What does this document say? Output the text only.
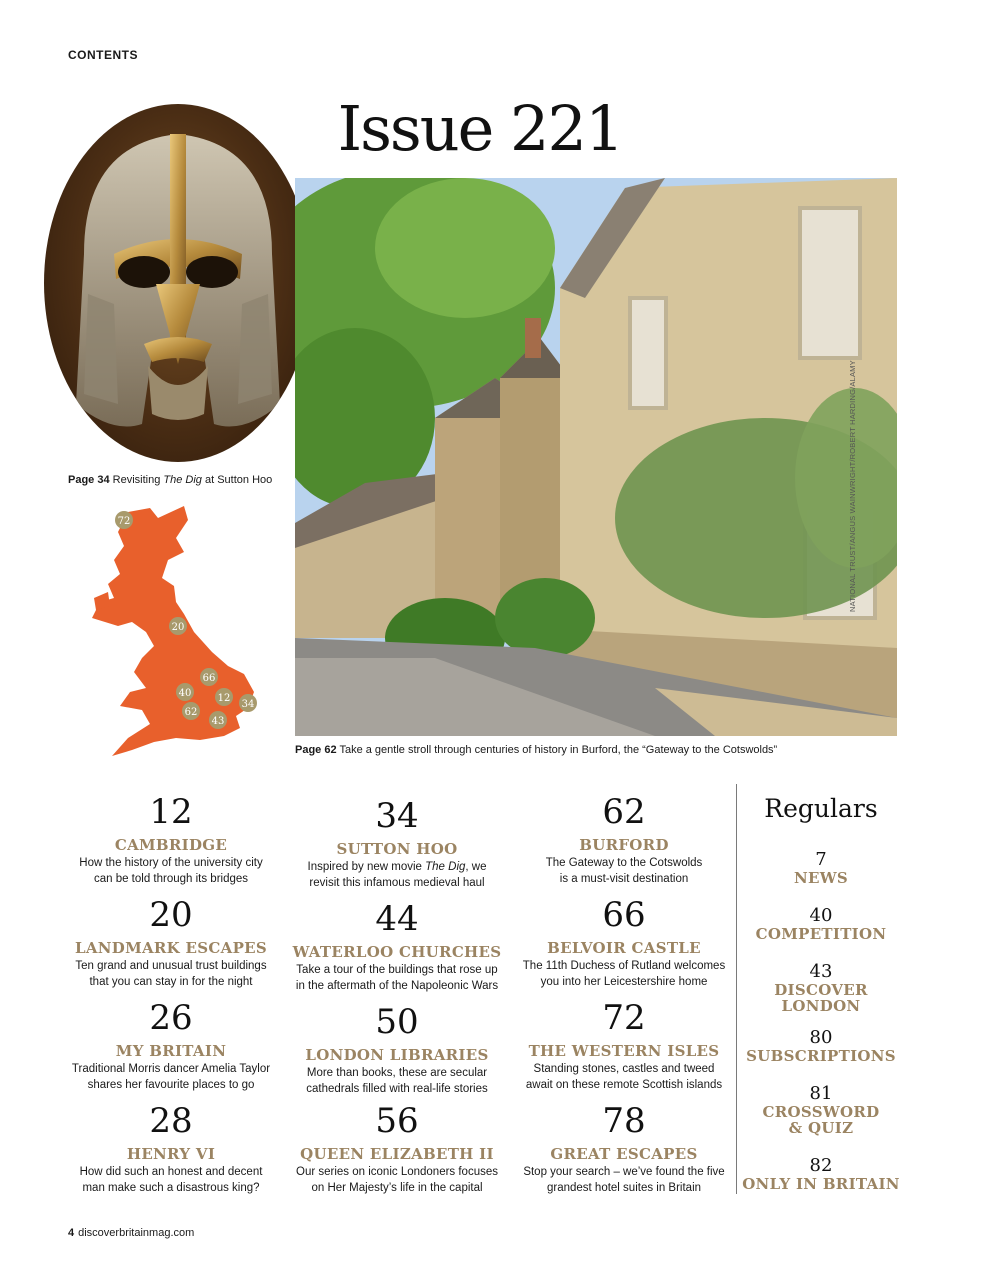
CONTENTS
Issue 221
Page 34 Revisiting The Dig at Sutton Hoo	NATIONAL TRUST/ANGUS WAINWRIGHT/ROBERT HARDING/ALAMY
Page 62 Take a gentle stroll through centuries of history in Burford, the “Gateway to the Cotswolds”
72
20
66
40	12
34
62
43
12
CAMBRIDGE
How the history of the university city
can be told through its bridges
20
LANDMARK ESCAPES
Ten grand and unusual trust buildings
that you can stay in for the night
26
MY BRITAIN
Traditional Morris dancer Amelia Taylor
shares her favourite places to go
28
HENRY VI
How did such an honest and decent
man make such a disastrous king?
34
SUTTON HOO
Inspired by new movie The Dig, we
revisit this infamous medieval haul
44
WATERLOO CHURCHES
Take a tour of the buildings that rose up
in the aftermath of the Napoleonic Wars
50
LONDON LIBRARIES
More than books, these are secular
cathedrals filled with real-life stories
56
QUEEN ELIZABETH II
Our series on iconic Londoners focuses
on Her Majesty’s life in the capital
62
BURFORD
The Gateway to the Cotswolds
is a must-visit destination
66
BELVOIR CASTLE
The 11th Duchess of Rutland welcomes
you into her Leicestershire home
72
THE WESTERN ISLES
Standing stones, castles and tweed
await on these remote Scottish islands
78
GREAT ESCAPES
Stop your search – we’ve found the five
grandest hotel suites in Britain
Regulars
7
NEWS
40
COMPETITION
43
DISCOVER
LONDON
80
SUBSCRIPTIONS
81
CROSSWORD
& QUIZ
82
ONLY IN BRITAIN
4 discoverbritainmag.com
